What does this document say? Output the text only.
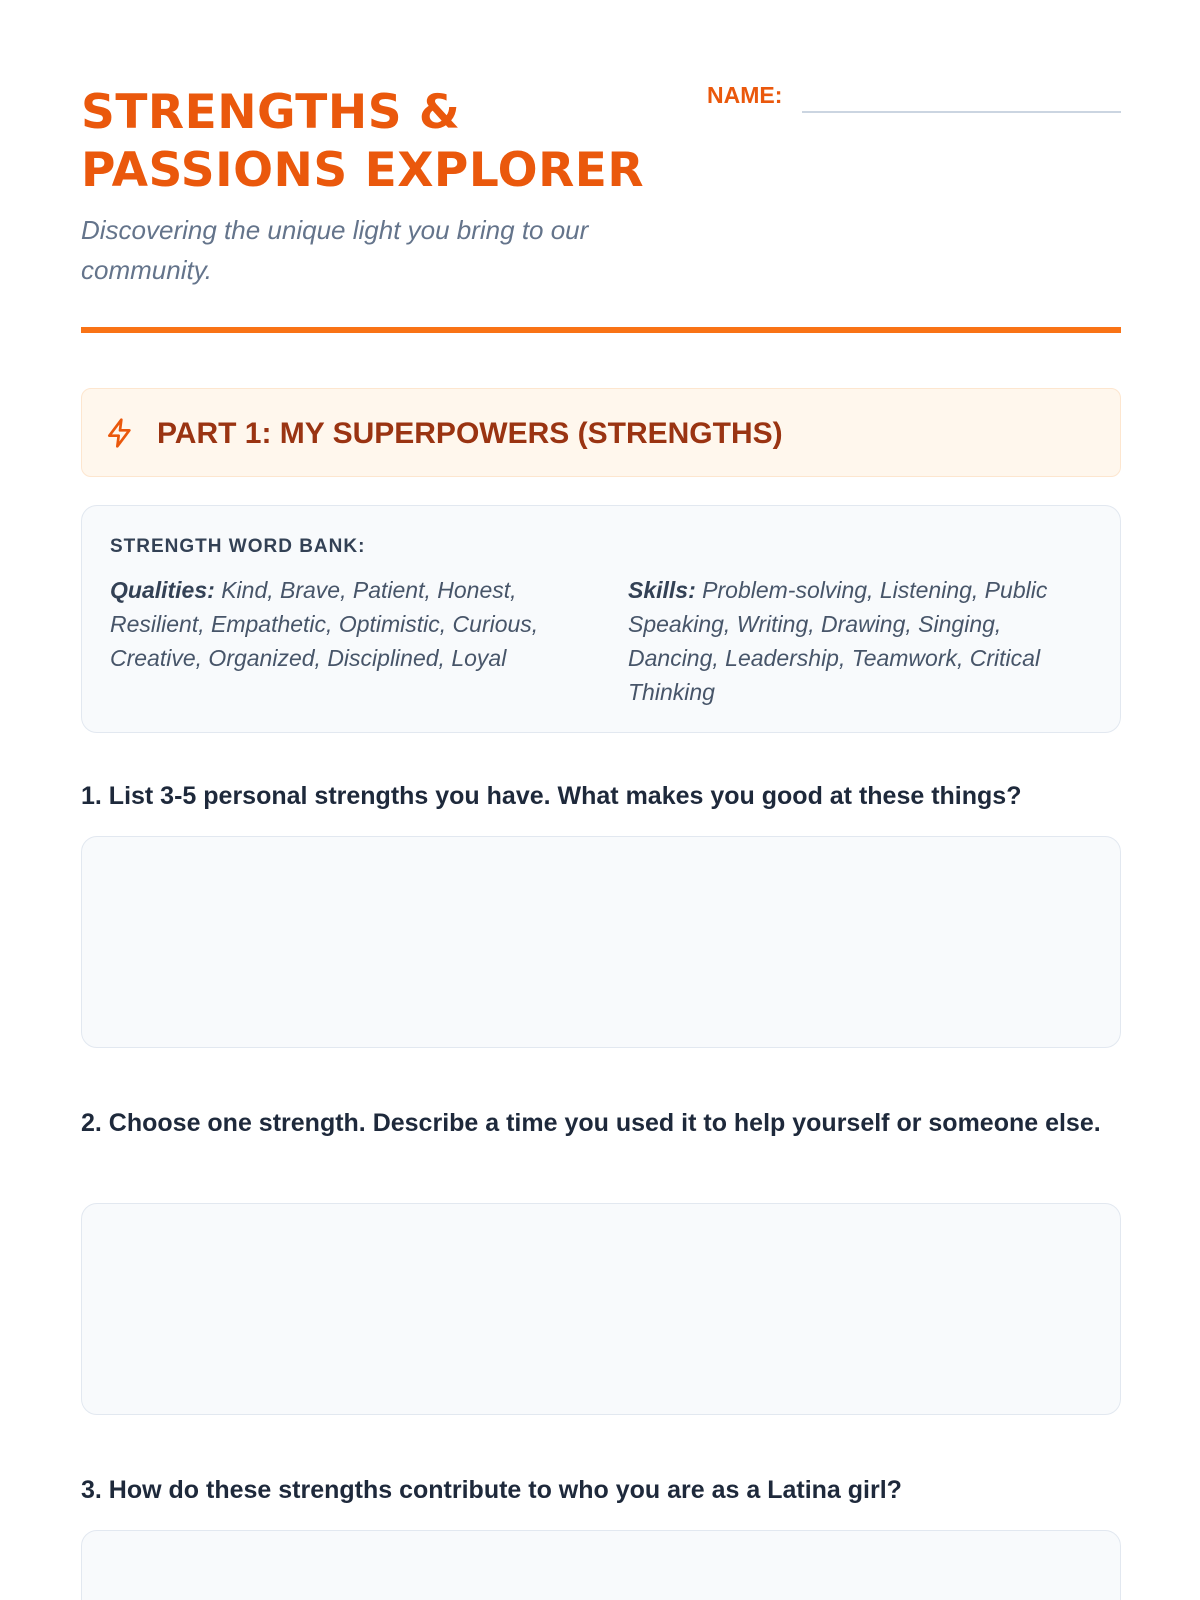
STRENGTHS &
PASSIONS EXPLORER

Discovering the unique light you bring to our community.

NAME:
PART 1: MY SUPERPOWERS (STRENGTHS)
STRENGTH WORD BANK:

Qualities: Kind, Brave, Patient, Honest, Resilient, Empathetic, Optimistic, Curious, Creative, Organized, Disciplined, Loyal

Skills: Problem-solving, Listening, Public Speaking, Writing, Drawing, Singing, Dancing, Leadership, Teamwork, Critical Thinking

1. List 3-5 personal strengths you have. What makes you good at these things?

2. Choose one strength. Describe a time you used it to help yourself or someone else.

3. How do these strengths contribute to who you are as a Latina girl?
